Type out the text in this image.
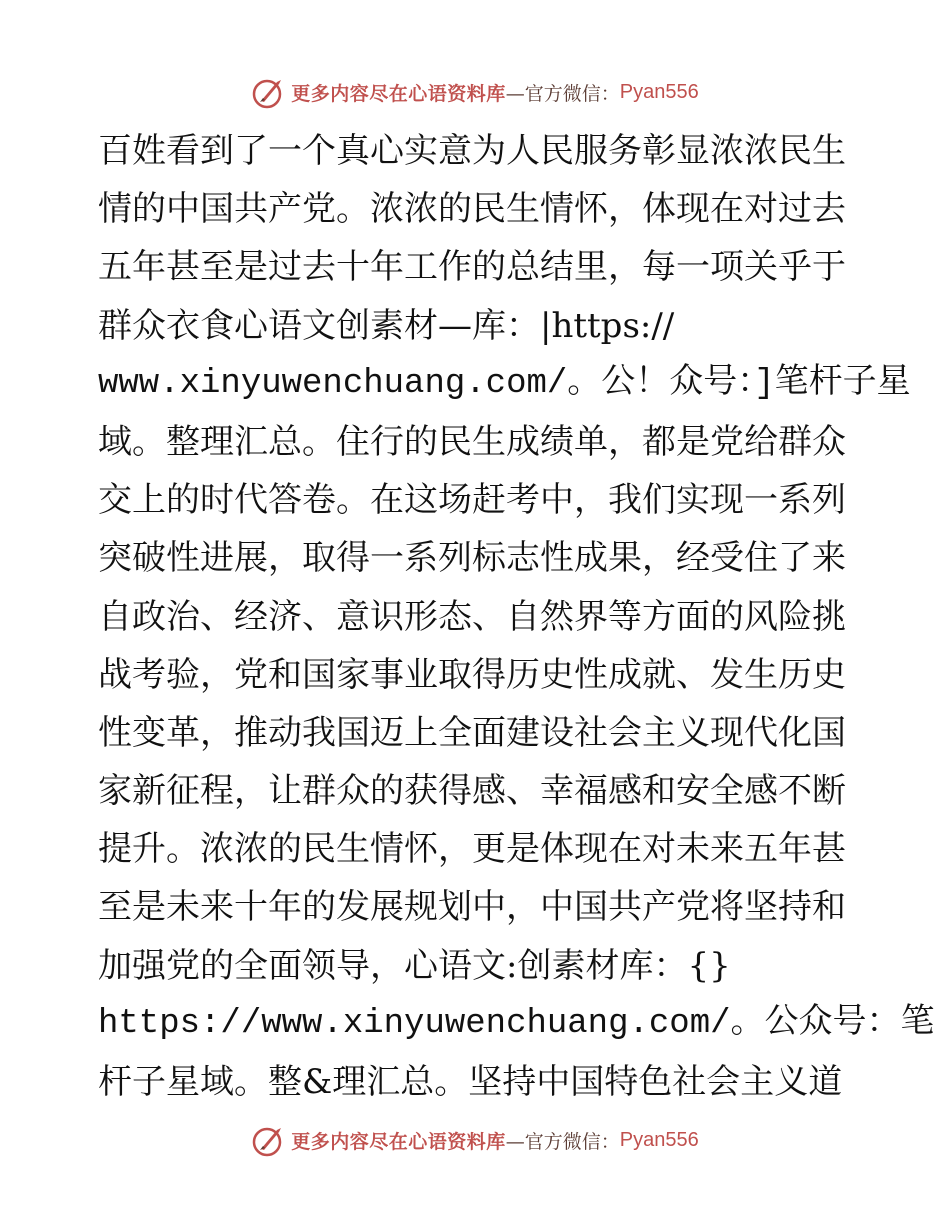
更多内容尽在心语资料库 —官方微信： Pyan556
百姓看到了一个真心实意为人民服务彰显浓浓民生
情的中国共产党。浓浓的民生情怀，体现在对过去
五年甚至是过去十年工作的总结里，每一项关乎于
群众衣食心语文创素材—库：|https://
www.xinyuwenchuang.com/。公！众号：]笔杆子星
域。整理汇总。住行的民生成绩单，都是党给群众
交上的时代答卷。在这场赶考中，我们实现一系列
突破性进展，取得一系列标志性成果，经受住了来
自政治、经济、意识形态、自然界等方面的风险挑
战考验，党和国家事业取得历史性成就、发生历史
性变革，推动我国迈上全面建设社会主义现代化国
家新征程，让群众的获得感、幸福感和安全感不断
提升。浓浓的民生情怀，更是体现在对未来五年甚
至是未来十年的发展规划中，中国共产党将坚持和
加强党的全面领导，心语文:创素材库：{}
https://www.xinyuwenchuang.com/。公众号：笔
杆子星域。整&理汇总。坚持中国特色社会主义道
更多内容尽在心语资料库 —官方微信： Pyan556
